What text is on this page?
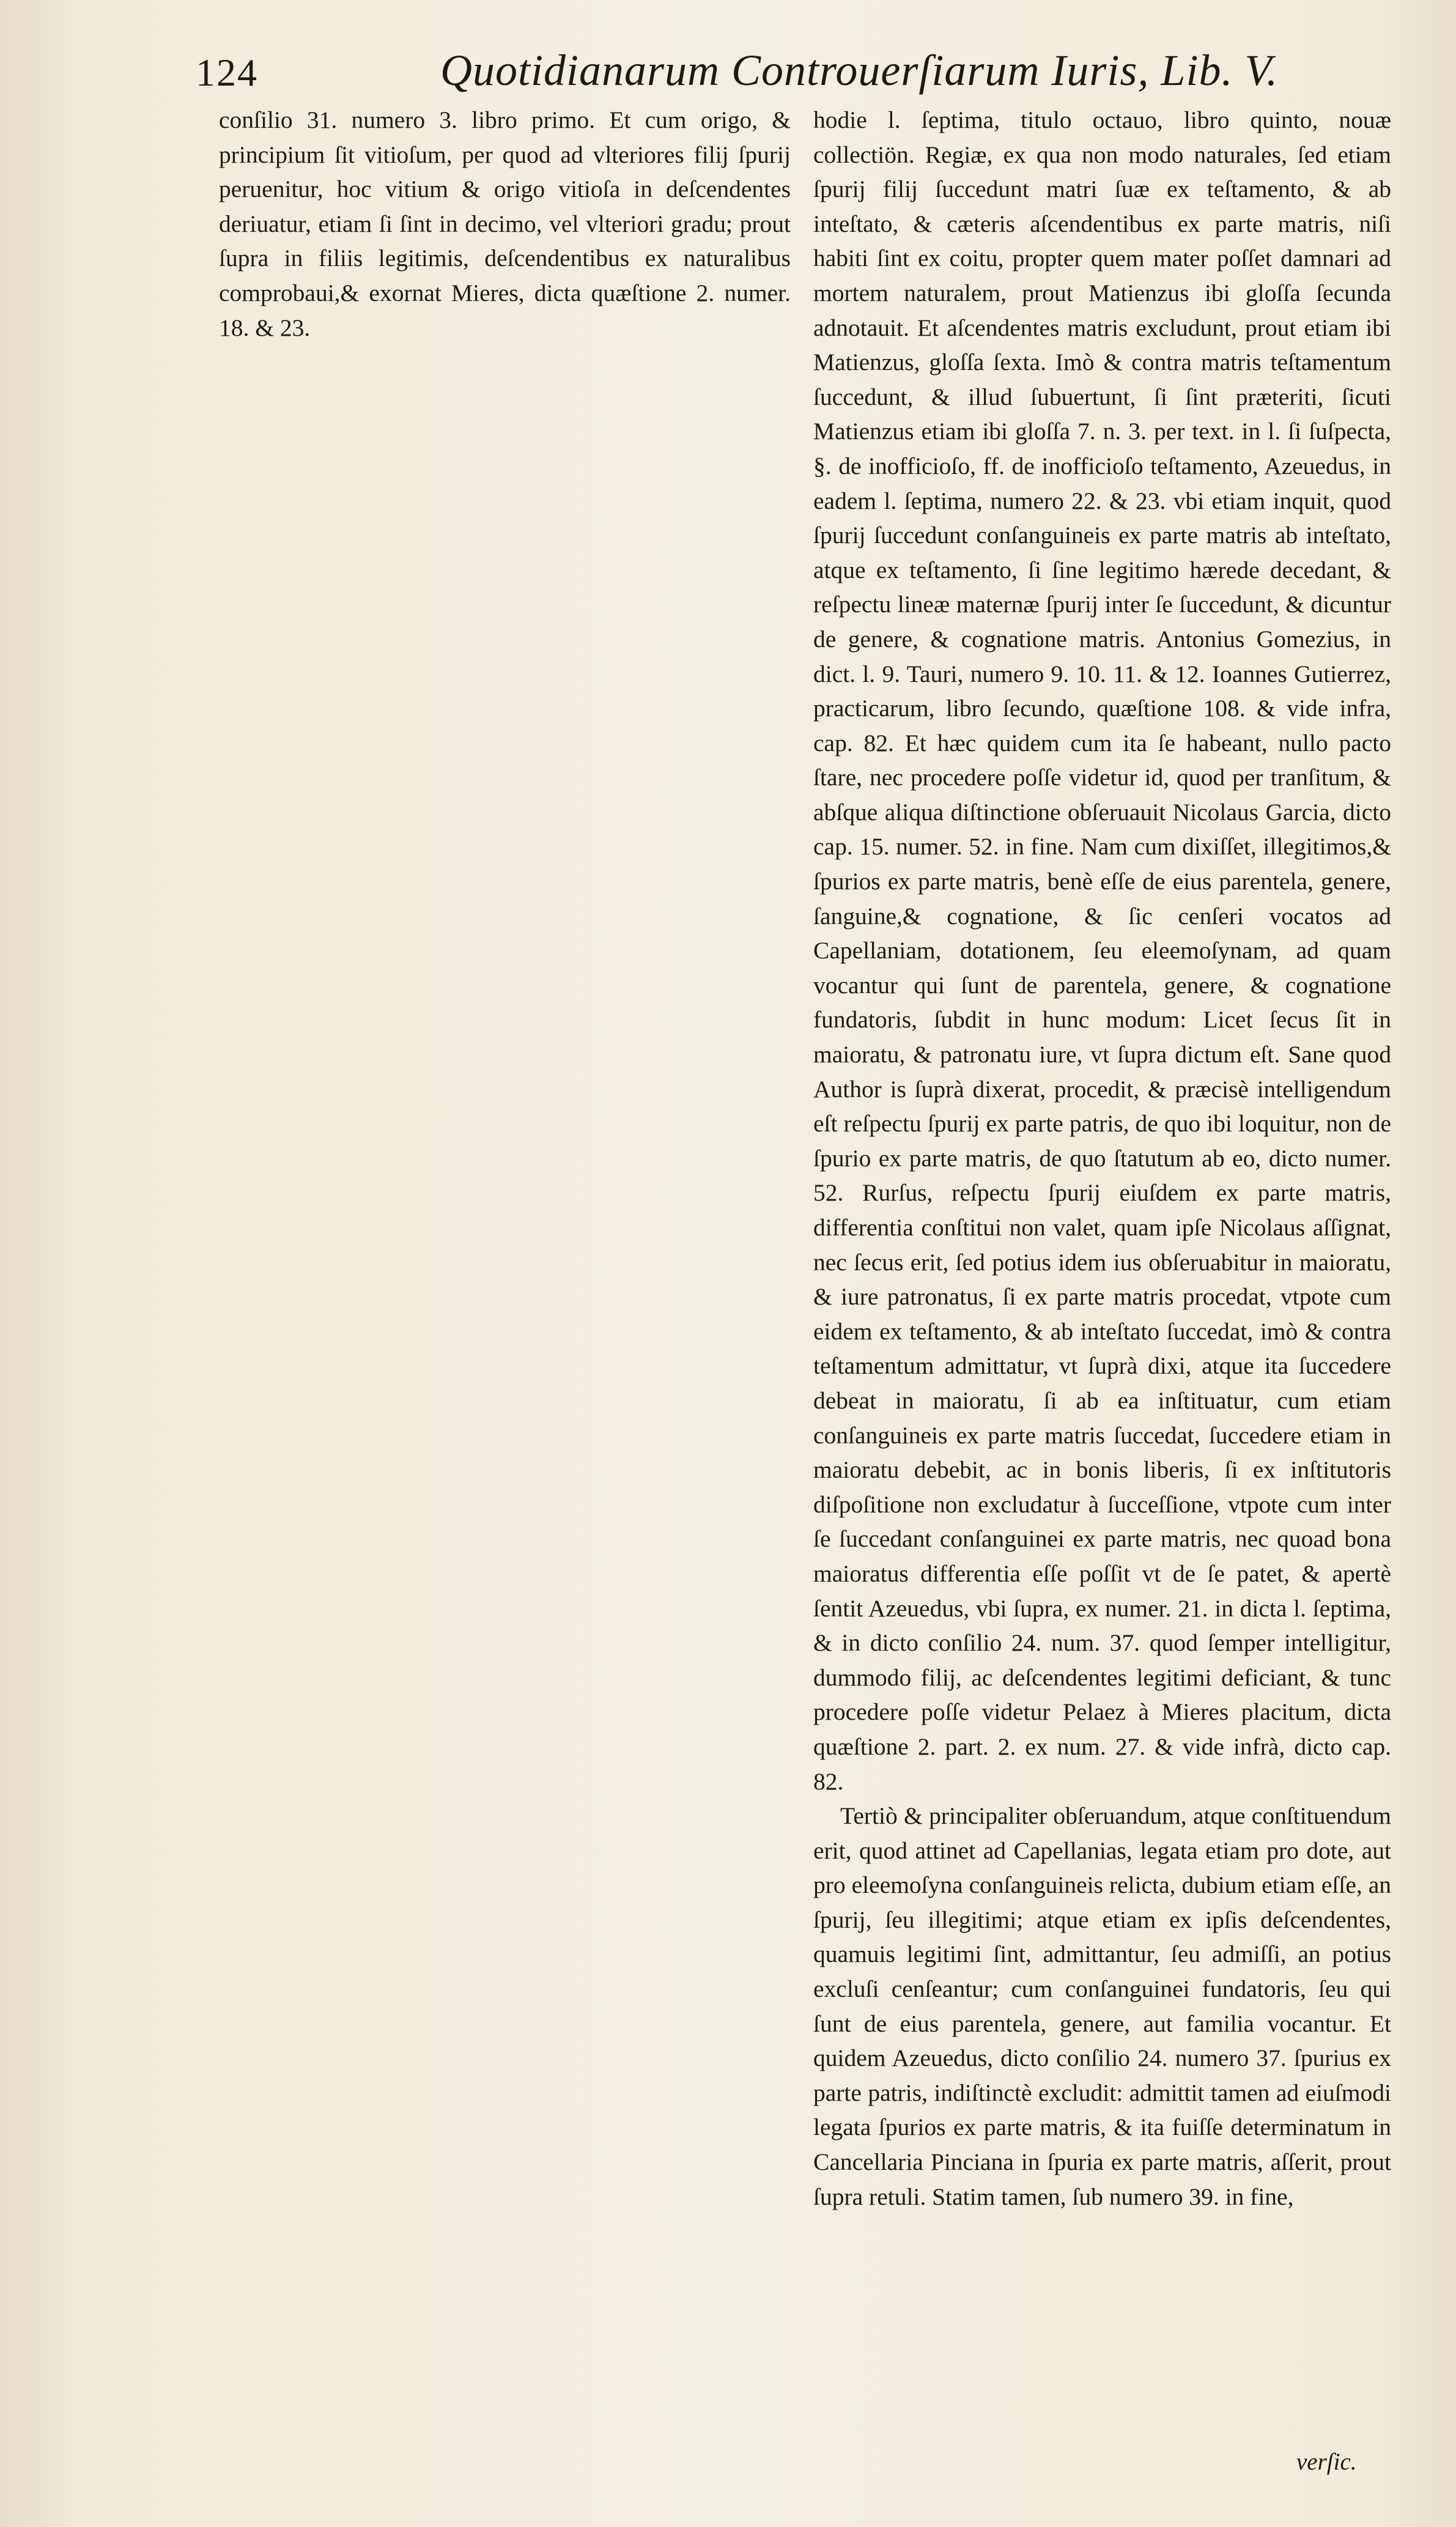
124	Quotidianarum Controuerſiarum Iuris, Lib. V.

conſilio 31. numero 3. libro primo. Et cum origo, & principium ſit vitioſum, per quod ad vlteriores filij ſpurij peruenitur, hoc vitium & origo vitioſa in deſcendentes deriuatur, etiam ſi ſint in decimo, vel vlteriori gradu; prout ſupra in filiis legitimis, deſcendentibus ex naturalibus comprobaui,& exornat Mieres, dicta quæſtione 2. numer. 18. & 23.

hodie l. ſeptima, titulo octauo, libro quinto, nouæ collectiön. Regiæ, ex qua non modo naturales, ſed etiam ſpurij filij ſuccedunt matri ſuæ ex teſtamento, & ab inteſtato, & cæteris aſcendentibus ex parte matris, niſi habiti ſint ex coitu, propter quem mater poſſet damnari ad mortem naturalem, prout Matienzus ibi gloſſa ſecunda adnotauit. Et aſcendentes matris excludunt, prout etiam ibi Matienzus, gloſſa ſexta. Imò & contra matris teſtamentum ſuccedunt, & illud ſubuertunt, ſi ſint præteriti, ſicuti Matienzus etiam ibi gloſſa 7. n. 3. per text. in l. ſi ſuſpecta, §. de inofficioſo, ff. de inofficioſo teſtamento, Azeuedus, in eadem l. ſeptima, numero 22. & 23. vbi etiam inquit, quod ſpurij ſuccedunt conſanguineis ex parte matris ab inteſtato, atque ex teſtamento, ſi ſine legitimo hærede decedant, & reſpectu lineæ maternæ ſpurij inter ſe ſuccedunt, & dicuntur de genere, & cognatione matris. Antonius Gomezius, in dict. l. 9. Tauri, numero 9. 10. 11. & 12. Ioannes Gutierrez, practicarum, libro ſecundo, quæſtione 108. & vide infra, cap. 82. Et hæc quidem cum ita ſe habeant, nullo pacto ſtare, nec procedere poſſe videtur id, quod per tranſitum, & abſque aliqua diſtinctione obſeruauit Nicolaus Garcia, dicto cap. 15. numer. 52. in fine. Nam cum dixiſſet, illegitimos,& ſpurios ex parte matris, benè eſſe de eius parentela, genere, ſanguine,& cognatione, & ſic cenſeri vocatos ad Capellaniam, dotationem, ſeu eleemoſynam, ad quam vocantur qui ſunt de parentela, genere, & cognatione fundatoris, ſubdit in hunc modum: Licet ſecus ſit in maioratu, & patronatu iure, vt ſupra dictum eſt. Sane quod Author is ſuprà dixerat, procedit, & præcisè intelligendum eſt reſpectu ſpurij ex parte patris, de quo ibi loquitur, non de ſpurio ex parte matris, de quo ſtatutum ab eo, dicto numer. 52. Rurſus, reſpectu ſpurij eiuſdem ex parte matris, differentia conſtitui non valet, quam ipſe Nicolaus aſſignat, nec ſecus erit, ſed potius idem ius obſeruabitur in maioratu, & iure patronatus, ſi ex parte matris procedat, vtpote cum eidem ex teſtamento, & ab inteſtato ſuccedat, imò & contra teſtamentum admittatur, vt ſuprà dixi, atque ita ſuccedere debeat in maioratu, ſi ab ea inſtituatur, cum etiam conſanguineis ex parte matris ſuccedat, ſuccedere etiam in maioratu debebit, ac in bonis liberis, ſi ex inſtitutoris diſpoſitione non excludatur à ſucceſſione, vtpote cum inter ſe ſuccedant conſanguinei ex parte matris, nec quoad bona maioratus differentia eſſe poſſit vt de ſe patet, & apertè ſentit Azeuedus, vbi ſupra, ex numer. 21. in dicta l. ſeptima, & in dicto conſilio 24. num. 37. quod ſemper intelligitur, dummodo filij, ac deſcendentes legitimi deficiant, & tunc procedere poſſe videtur Pelaez à Mieres placitum, dicta quæſtione 2. part. 2. ex num. 27. & vide infrà, dicto cap. 82.

Tertiò & principaliter obſeruandum, atque conſtituendum erit, quod attinet ad Capellanias, legata etiam pro dote, aut pro eleemoſyna conſanguineis relicta, dubium etiam eſſe, an ſpurij, ſeu illegitimi; atque etiam ex ipſis deſcendentes, quamuis legitimi ſint, admittantur, ſeu admiſſi, an potius excluſi cenſeantur; cum conſanguinei fundatoris, ſeu qui ſunt de eius parentela, genere, aut familia vocantur. Et quidem Azeuedus, dicto conſilio 24. numero 37. ſpurius ex parte patris, indiſtinctè excludit: admittit tamen ad eiuſmodi legata ſpurios ex parte matris, & ita fuiſſe determinatum in Cancellaria Pinciana in ſpuria ex parte matris, aſſerit, prout ſupra retuli. Statim tamen, ſub numero 39. in fine,

verſic.
